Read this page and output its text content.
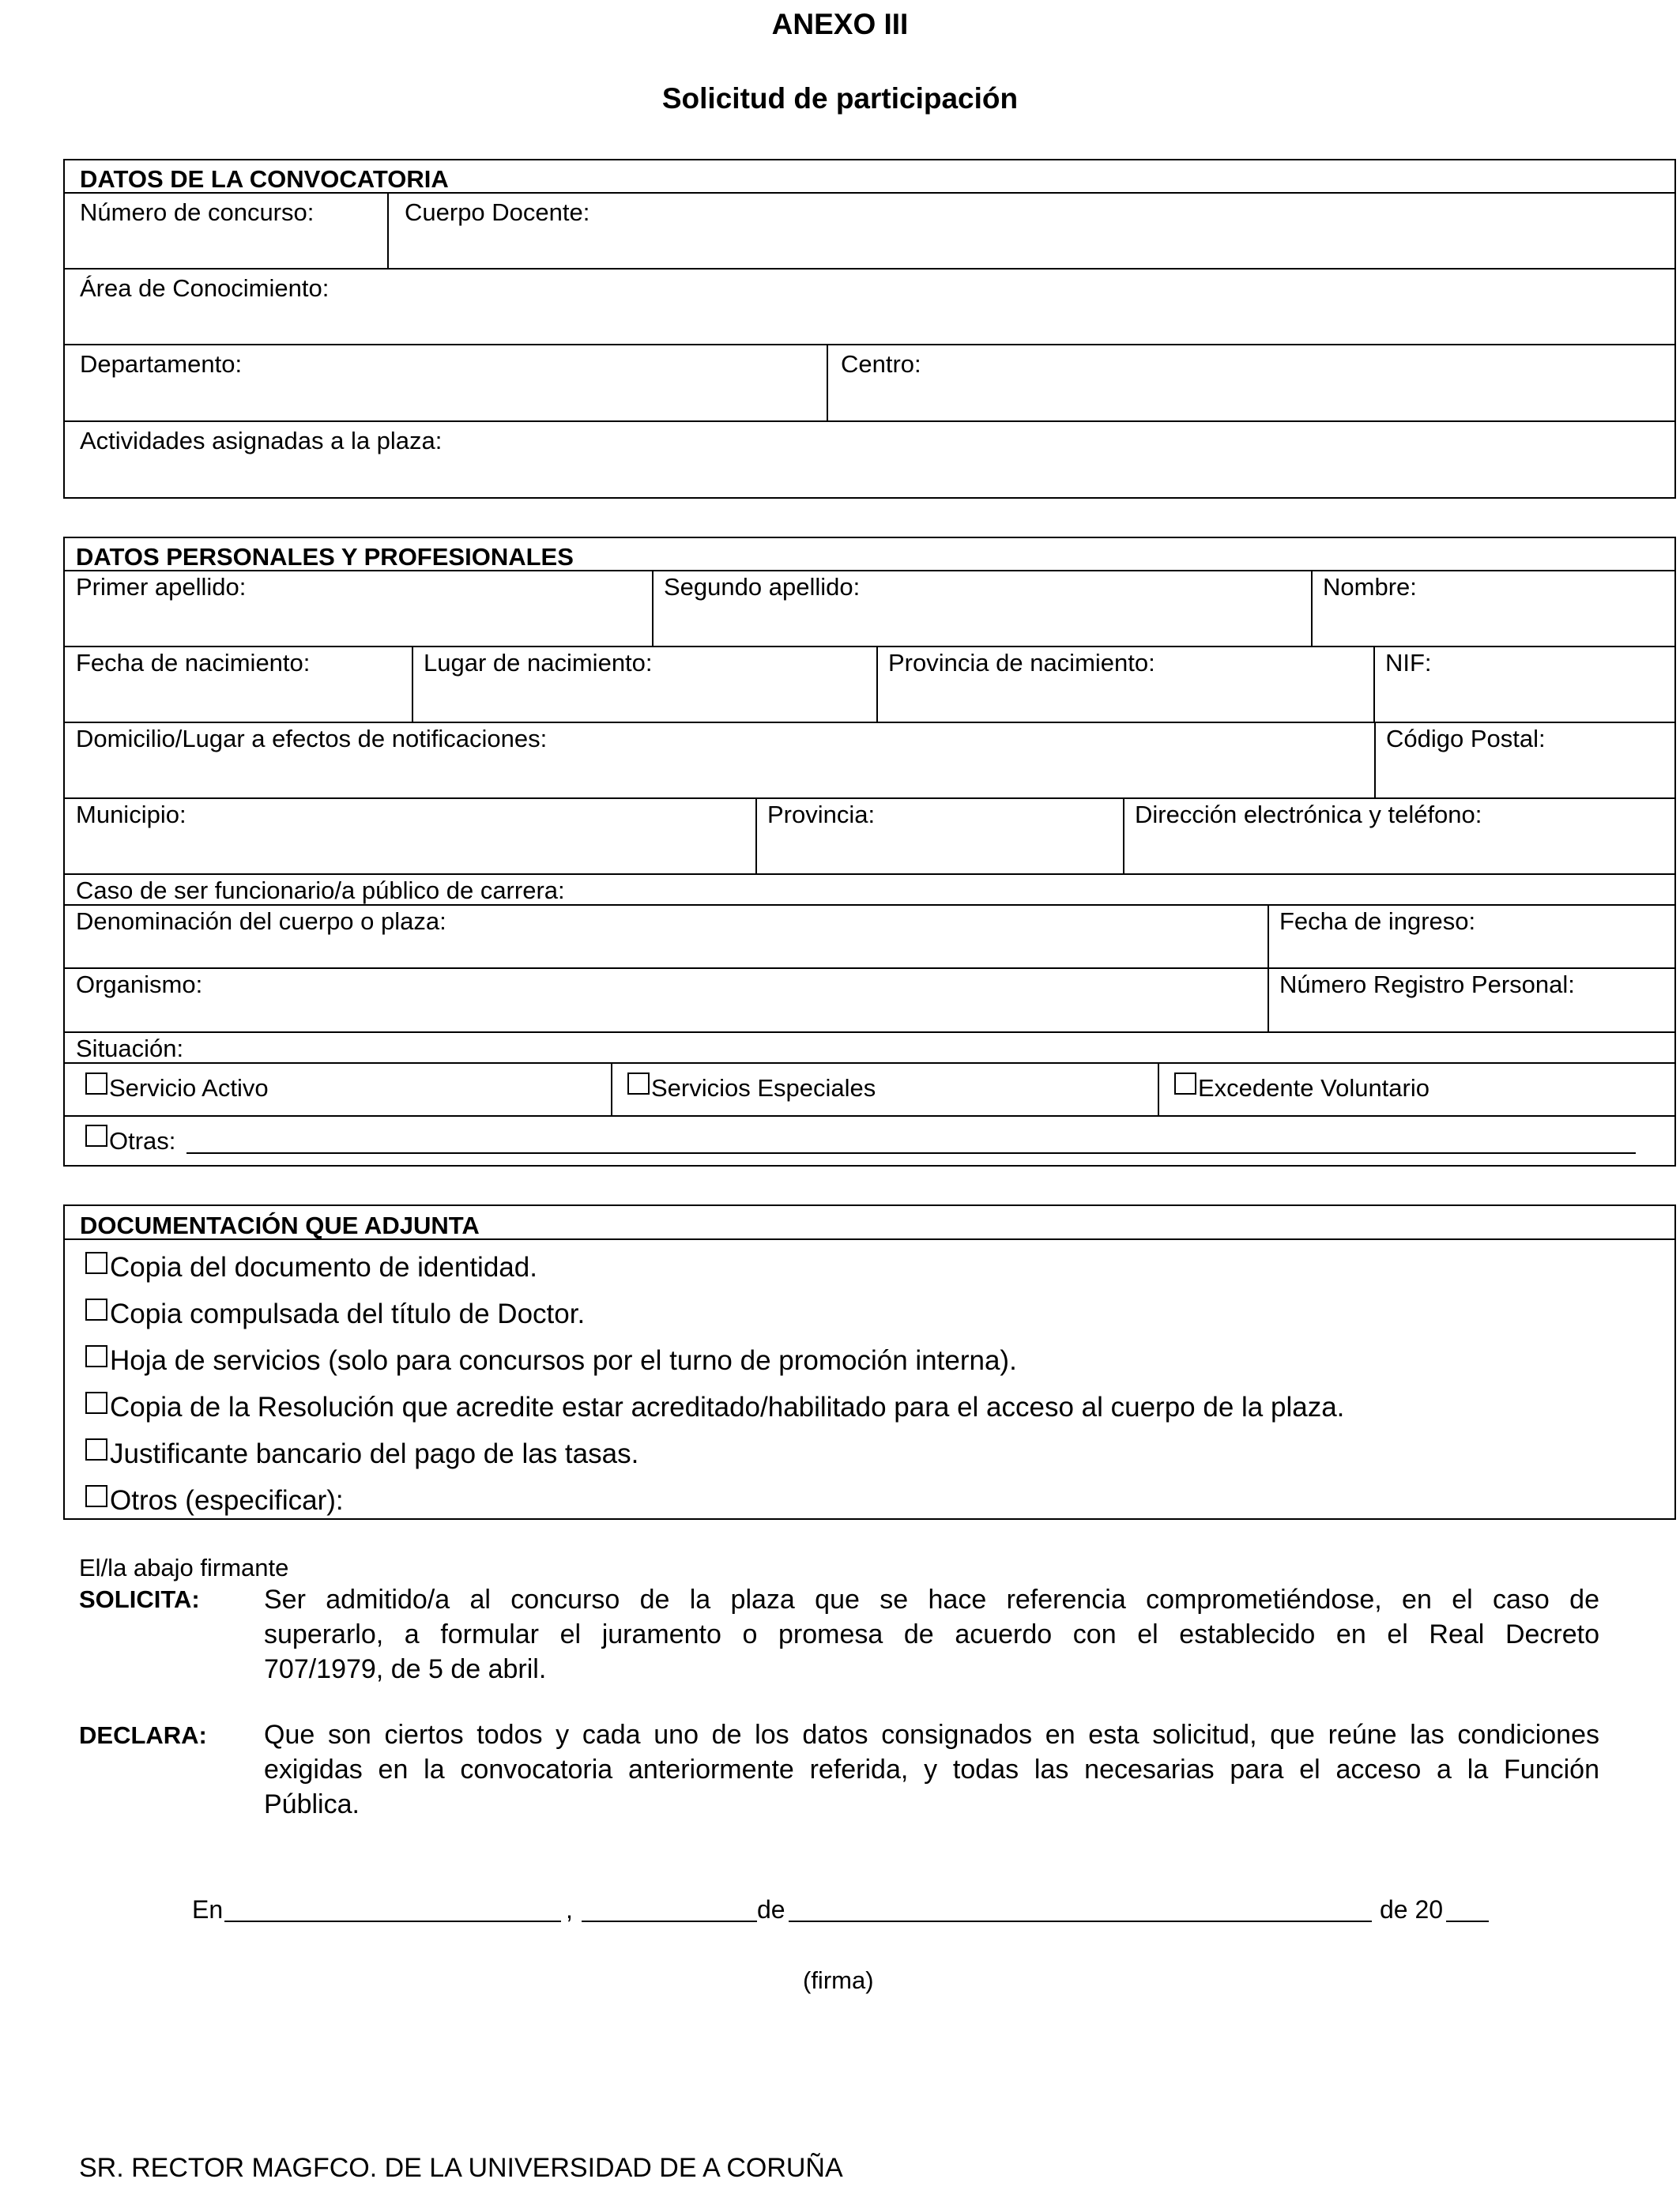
ANEXO III
Solicitud de participación
DATOS DE LA CONVOCATORIA
Número de concurso:	Cuerpo Docente:
Área de Conocimiento:
Departamento:	Centro:
Actividades asignadas a la plaza:
DATOS PERSONALES Y PROFESIONALES
Primer apellido:	Segundo apellido:	Nombre:
Fecha de nacimiento:	Lugar de nacimiento:	Provincia de nacimiento:	NIF:
Domicilio/Lugar a efectos de notificaciones:	Código Postal:
Municipio:	Provincia:	Dirección electrónica y teléfono:
Caso de ser funcionario/a público de carrera:
Denominación del cuerpo o plaza:	Fecha de ingreso:
Organismo:	Número Registro Personal:
Situación:
Servicio Activo	Servicios Especiales	Excedente Voluntario
Otras:
DOCUMENTACIÓN QUE ADJUNTA
Copia del documento de identidad.
Copia compulsada del título de Doctor.
Hoja de servicios (solo para concursos por el turno de promoción interna).
Copia de la Resolución que acredite estar acreditado/habilitado para el acceso al cuerpo de la plaza.
Justificante bancario del pago de las tasas.
Otros (especificar):
El/la abajo firmante
SOLICITA: Ser admitido/a al concurso de la plaza que se hace referencia comprometiéndose, en el caso de
superarlo, a formular el juramento o promesa de acuerdo con el establecido en el Real Decreto
707/1979, de 5 de abril.
DECLARA: Que son ciertos todos y cada uno de los datos consignados en esta solicitud, que reúne las condiciones
exigidas en la convocatoria anteriormente referida, y todas las necesarias para el acceso a la Función
Pública.
En	,	de	de 20
(firma)
SR. RECTOR MAGFCO. DE LA UNIVERSIDAD DE A CORUÑA
